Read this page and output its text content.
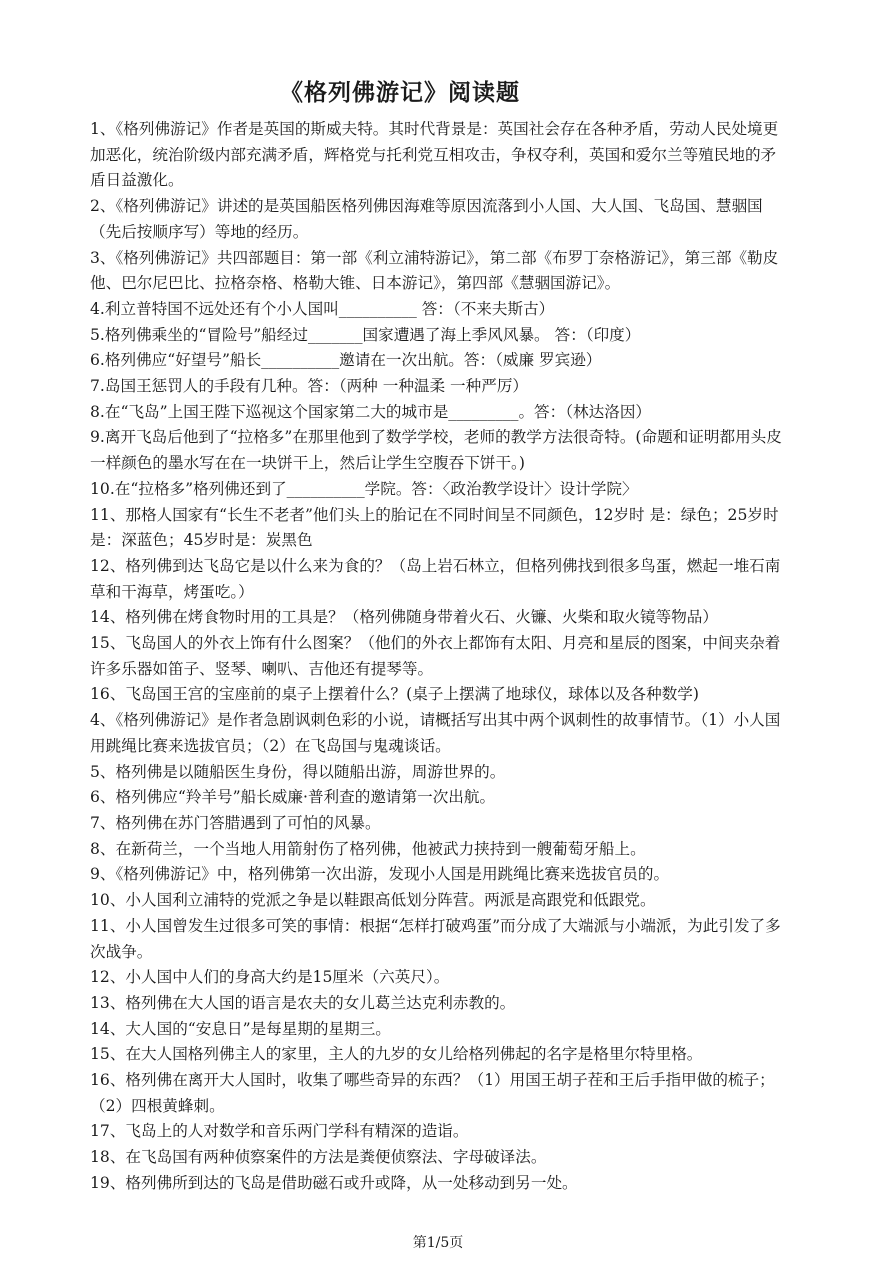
《格列佛游记》阅读题

1、《格列佛游记》作者是英国的斯威夫特。其时代背景是：英国社会存在各种矛盾，劳动人民处境更加恶化，统治阶级内部充满矛盾，辉格党与托利党互相攻击，争权夺利，英国和爱尔兰等殖民地的矛盾日益激化。

2、《格列佛游记》讲述的是英国船医格列佛因海难等原因流落到小人国、大人国、飞岛国、慧骃国（先后按顺序写）等地的经历。

3、《格列佛游记》共四部题目：第一部《利立浦特游记》，第二部《布罗丁奈格游记》，第三部《勒皮他、巴尔尼巴比、拉格奈格、格勒大锥、日本游记》，第四部《慧骃国游记》。

4.利立普特国不远处还有个小人国叫__________ 答：（不来夫斯古）

5.格列佛乘坐的“冒险号”船经过_______国家遭遇了海上季风风暴。 答：（印度）

6.格列佛应“好望号”船长__________邀请在一次出航。答：（威廉 罗宾逊）

7.岛国王惩罚人的手段有几种。答：（两种 一种温柔 一种严厉）

8.在“飞岛”上国王陛下巡视这个国家第二大的城市是_________。答：（林达洛因）

9.离开飞岛后他到了“拉格多”在那里他到了数学学校，老师的教学方法很奇特。(命题和证明都用头皮一样颜色的墨水写在在一块饼干上，然后让学生空腹吞下饼干。)

10.在“拉格多”格列佛还到了__________学院。答：〈政治教学设计〉设计学院〉

11、那格人国家有“长生不老者”他们头上的胎记在不同时间呈不同颜色，12岁时 是：绿色；25岁时是：深蓝色；45岁时是：炭黑色

12、格列佛到达飞岛它是以什么来为食的？（岛上岩石林立，但格列佛找到很多鸟蛋，燃起一堆石南草和干海草，烤蛋吃。）

14、格列佛在烤食物时用的工具是？（格列佛随身带着火石、火镰、火柴和取火镜等物品）

15、飞岛国人的外衣上饰有什么图案？（他们的外衣上都饰有太阳、月亮和星辰的图案，中间夹杂着许多乐器如笛子、竖琴、喇叭、吉他还有提琴等。

16、飞岛国王宫的宝座前的桌子上摆着什么？(桌子上摆满了地球仪，球体以及各种数学)

4、《格列佛游记》是作者急剧讽刺色彩的小说，请概括写出其中两个讽刺性的故事情节。（1）小人国用跳绳比赛来选拔官员；（2）在飞岛国与鬼魂谈话。

5、格列佛是以随船医生身份，得以随船出游，周游世界的。

6、格列佛应“羚羊号”船长威廉·普利查的邀请第一次出航。

7、格列佛在苏门答腊遇到了可怕的风暴。

8、在新荷兰，一个当地人用箭射伤了格列佛，他被武力挟持到一艘葡萄牙船上。

9、《格列佛游记》中，格列佛第一次出游，发现小人国是用跳绳比赛来选拔官员的。

10、小人国利立浦特的党派之争是以鞋跟高低划分阵营。两派是高跟党和低跟党。

11、小人国曾发生过很多可笑的事情：根据“怎样打破鸡蛋”而分成了大端派与小端派，为此引发了多次战争。

12、小人国中人们的身高大约是15厘米（六英尺）。

13、格列佛在大人国的语言是农夫的女儿葛兰达克利赤教的。

14、大人国的“安息日”是每星期的星期三。

15、在大人国格列佛主人的家里，主人的九岁的女儿给格列佛起的名字是格里尔特里格。

16、格列佛在离开大人国时，收集了哪些奇异的东西？（1）用国王胡子茬和王后手指甲做的梳子；（2）四根黄蜂刺。

17、飞岛上的人对数学和音乐两门学科有精深的造诣。

18、在飞岛国有两种侦察案件的方法是粪便侦察法、字母破译法。

19、格列佛所到达的飞岛是借助磁石或升或降，从一处移动到另一处。

第1/5页
